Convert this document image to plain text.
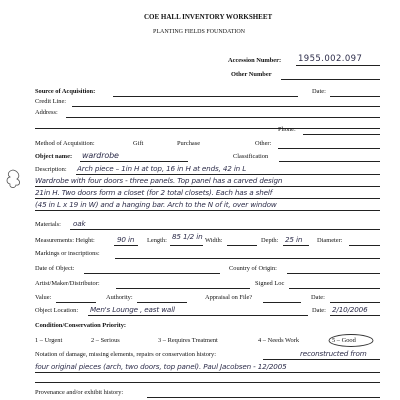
COE HALL INVENTORY WORKSHEET
PLANTING FIELDS FOUNDATION
Accession Number: 1955.002.097
Other Number
Source of Acquisition:	Date:
Credit Line:
Address:
Phone:
Method of Acquisition:	Gift	Purchase	Other:
Object name: wardrobe	Classification
Description: Arch piece – 1in H at top, 16 in H at ends, 42 in L
Wardrobe with four doors - three panels. Top panel has a carved design
21in H. Two doors form a closet (for 2 total closets). Each has a shelf
(45 in L x 19 in W) and a hanging bar. Arch to the N of it, over window
Materials: oak
Measurements: Height:	90 in Length: 85 1/2 in Width:	Depth: 25 in Diameter:
Markings or inscriptions:
Date of Object:	Country of Origin:
Artist/Maker/Distributor:	Signed Loc
Value:	Authority:	Appraisal on File?	Date:
Object Location: Men's Lounge , east wall	Date: 2/10/2006
Condition/Conservation Priority:
1 – Urgent	2 – Serious	3 – Requires Treatment	4 – Needs Work	5 – Good
Notation of damage, missing elements, repairs or conservation history:	reconstructed from
four original pieces (arch, two doors, top panel). Paul Jacobsen - 12/2005
Provenance and/or exhibit history:
